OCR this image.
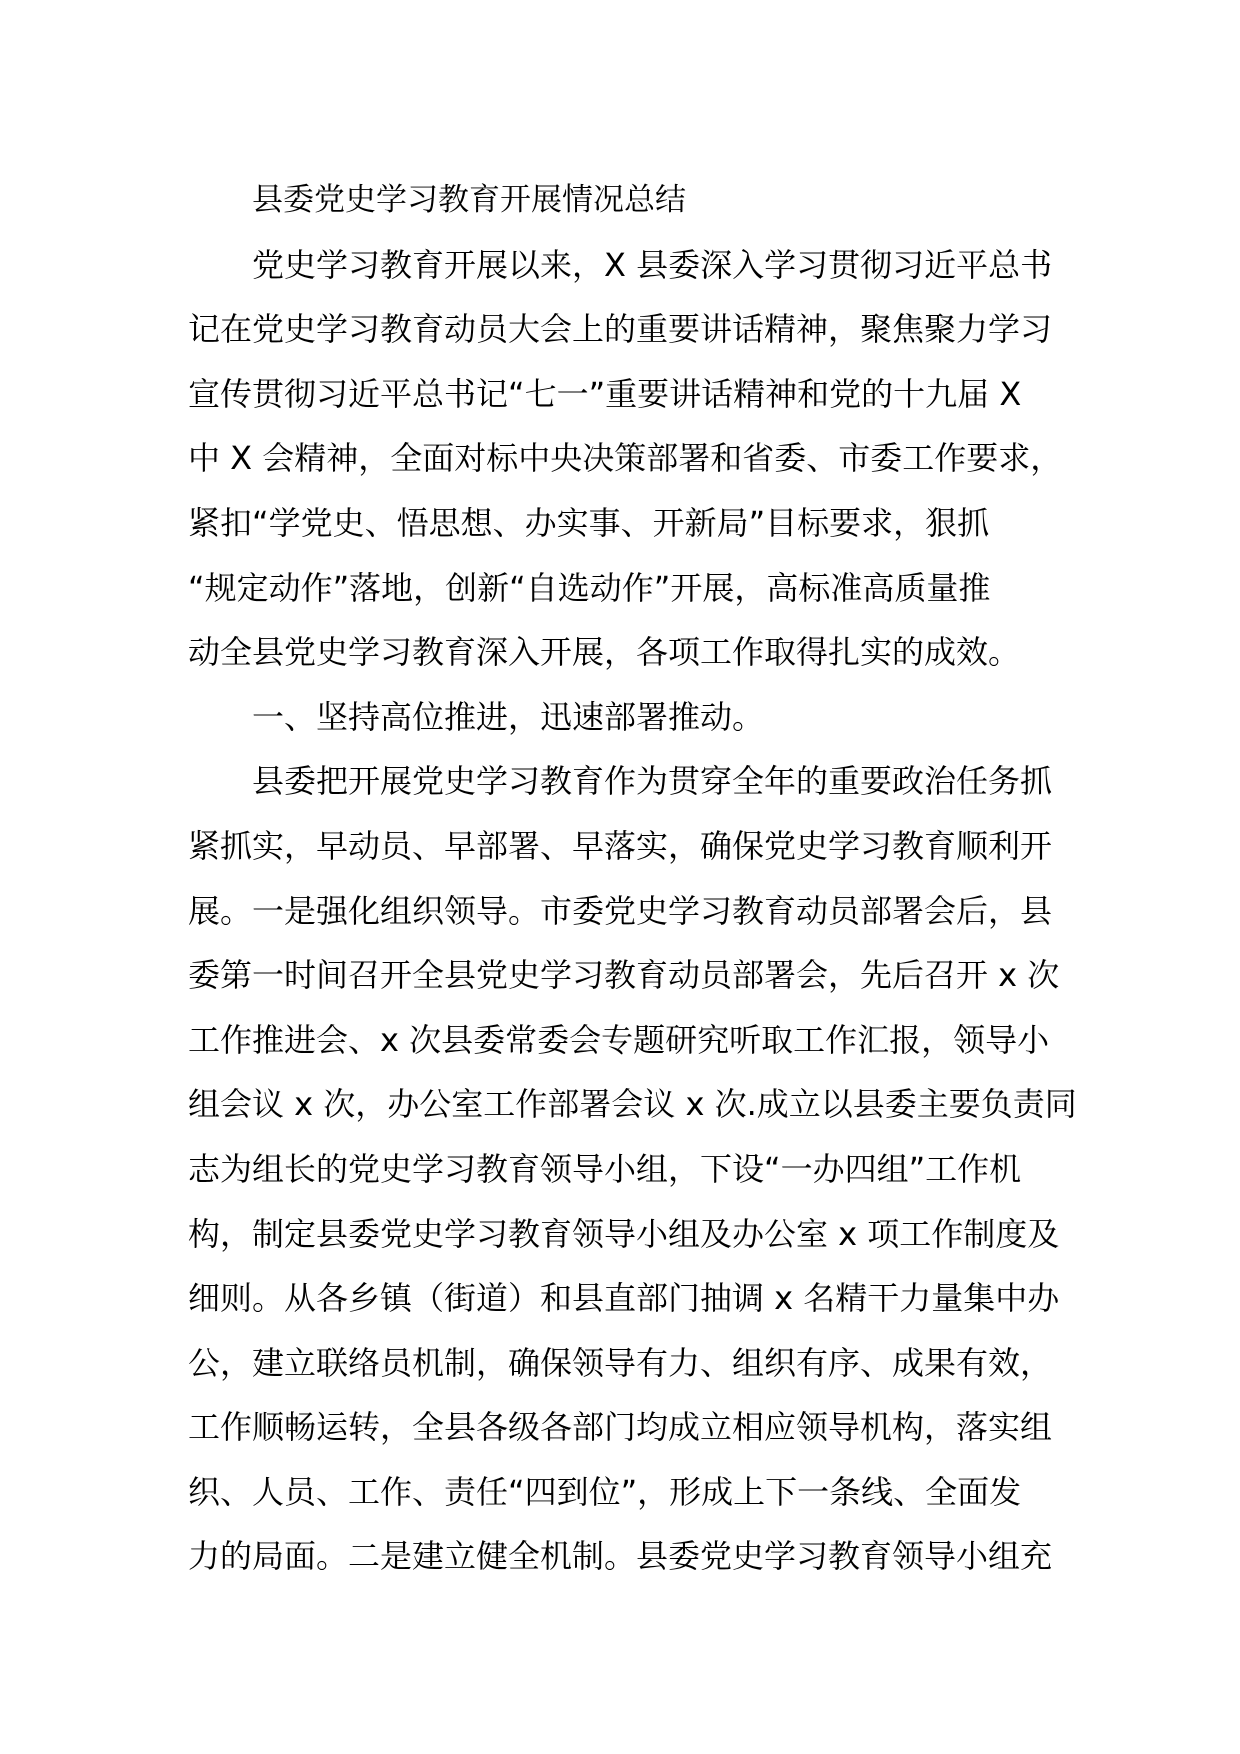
县委党史学习教育开展情况总结
党史学习教育开展以来，X 县委深入学习贯彻习近平总书
记在党史学习教育动员大会上的重要讲话精神，聚焦聚力学习
宣传贯彻习近平总书记“七一”重要讲话精神和党的十九届 X
中 X 会精神，全面对标中央决策部署和省委、市委工作要求，
紧扣“学党史、悟思想、办实事、开新局”目标要求，狠抓
“规定动作”落地，创新“自选动作”开展，高标准高质量推
动全县党史学习教育深入开展，各项工作取得扎实的成效。
一、坚持高位推进，迅速部署推动。
县委把开展党史学习教育作为贯穿全年的重要政治任务抓
紧抓实，早动员、早部署、早落实，确保党史学习教育顺利开
展。一是强化组织领导。市委党史学习教育动员部署会后，县
委第一时间召开全县党史学习教育动员部署会，先后召开 x 次
工作推进会、x 次县委常委会专题研究听取工作汇报，领导小
组会议 x 次，办公室工作部署会议 x 次.成立以县委主要负责同
志为组长的党史学习教育领导小组，下设“一办四组”工作机
构，制定县委党史学习教育领导小组及办公室 x 项工作制度及
细则。从各乡镇（街道）和县直部门抽调 x 名精干力量集中办
公，建立联络员机制，确保领导有力、组织有序、成果有效，
工作顺畅运转，全县各级各部门均成立相应领导机构，落实组
织、人员、工作、责任“四到位”，形成上下一条线、全面发
力的局面。二是建立健全机制。县委党史学习教育领导小组充
